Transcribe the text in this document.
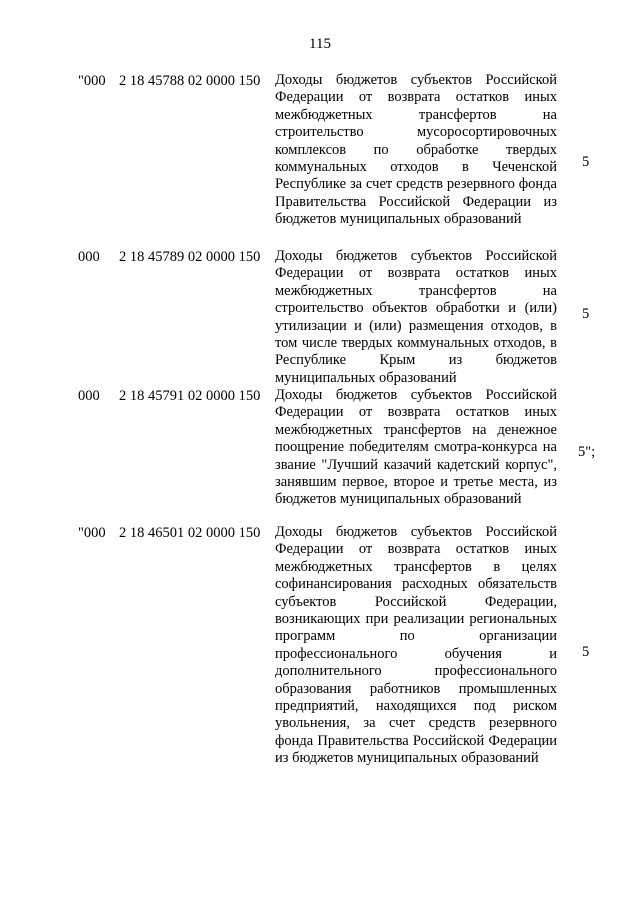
115
"000 2 18 45788 02 0000 150 Доходы бюджетов субъектов Российской Федерации от возврата остатков иных межбюджетных трансфертов на строительство мусоросортировочных комплексов по обработке твердых коммунальных отходов в Чеченской Республике за счет средств резервного фонда Правительства Российской Федерации из бюджетов муниципальных образований
5
000 2 18 45789 02 0000 150 Доходы бюджетов субъектов Российской Федерации от возврата остатков иных межбюджетных трансфертов на строительство объектов обработки и (или) утилизации и (или) размещения отходов, в том числе твердых коммунальных отходов, в Республике Крым из бюджетов муниципальных образований
5
000 2 18 45791 02 0000 150 Доходы бюджетов субъектов Российской Федерации от возврата остатков иных межбюджетных трансфертов на денежное поощрение победителям смотра-конкурса на звание "Лучший казачий кадетский корпус", занявшим первое, второе и третье места, из бюджетов муниципальных образований
5";
"000 2 18 46501 02 0000 150 Доходы бюджетов субъектов Российской Федерации от возврата остатков иных межбюджетных трансфертов в целях софинансирования расходных обязательств субъектов Российской Федерации, возникающих при реализации региональных программ по организации профессионального обучения и дополнительного профессионального образования работников промышленных предприятий, находящихся под риском увольнения, за счет средств резервного фонда Правительства Российской Федерации из бюджетов муниципальных образований
5
